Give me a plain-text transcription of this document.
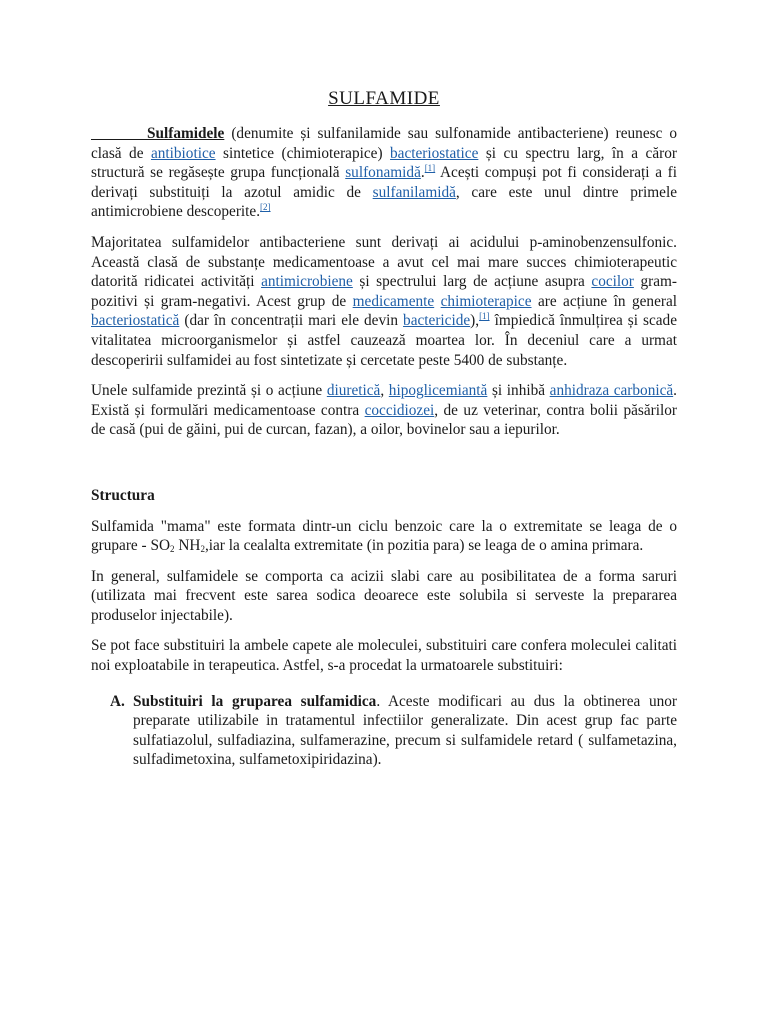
SULFAMIDE

Sulfamidele (denumite și sulfanilamide sau sulfonamide antibacteriene) reunesc o clasă de antibiotice sintetice (chimioterapice) bacteriostatice și cu spectru larg, în a căror structură se regăsește grupa funcțională sulfonamidă.[1] Acești compuși pot fi considerați a fi derivați substituiți la azotul amidic de sulfanilamidă, care este unul dintre primele antimicrobiene descoperite.[2]

Majoritatea sulfamidelor antibacteriene sunt derivați ai acidului p-aminobenzensulfonic. Această clasă de substanțe medicamentoase a avut cel mai mare succes chimioterapeutic datorită ridicatei activități antimicrobiene și spectrului larg de acțiune asupra cocilor gram-pozitivi și gram-negativi. Acest grup de medicamente chimioterapice are acțiune în general bacteriostatică (dar în concentrații mari ele devin bactericide),[1] împiedică înmulțirea și scade vitalitatea microorganismelor și astfel cauzează moartea lor. În deceniul care a urmat descoperirii sulfamidei au fost sintetizate și cercetate peste 5400 de substanțe.

Unele sulfamide prezintă și o acțiune diuretică, hipoglicemiantă și inhibă anhidraza carbonică. Există și formulări medicamentoase contra coccidiozei, de uz veterinar, contra bolii păsărilor de casă (pui de găini, pui de curcan, fazan), a oilor, bovinelor sau a iepurilor.

Structura

Sulfamida "mama" este formata dintr-un ciclu benzoic care la o extremitate se leaga de o grupare - $SO_2$ $NH_2,iar$ la cealalta extremitate (in pozitia para) se leaga de o amina primara.

In general, sulfamidele se comporta ca acizii slabi care au posibilitatea de a forma saruri (utilizata mai frecvent este sarea sodica deoarece este solubila si serveste la prepararea produselor injectabile).

Se pot face substituiri la ambele capete ale moleculei, substituiri care confera moleculei calitati noi exploatabile in terapeutica. Astfel, s-a procedat la urmatoarele substituiri:

A. Substituiri la gruparea sulfamidica. Aceste modificari au dus la obtinerea unor preparate utilizabile in tratamentul infectiilor generalizate. Din acest grup fac parte sulfatiazolul, sulfadiazina, sulfamerazine, precum si sulfamidele retard ( sulfametazina, sulfadimetoxina, sulfametoxipiridazina).
